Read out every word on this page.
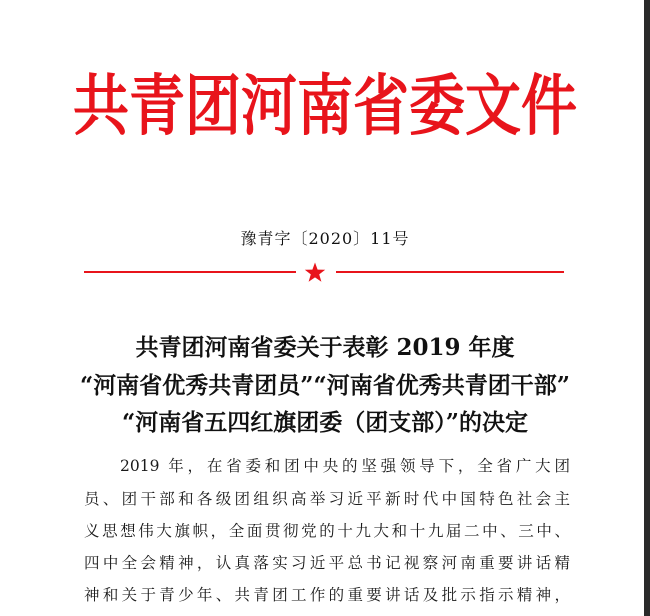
共青团河南省委文件
豫青字〔2020〕11号
共青团河南省委关于表彰 2019 年度
“河南省优秀共青团员”“河南省优秀共青团干部”
“河南省五四红旗团委（团支部）”的决定
2019 年，在省委和团中央的坚强领导下，全省广大团
员、团干部和各级团组织高举习近平新时代中国特色社会主
义思想伟大旗帜，全面贯彻党的十九大和十九届二中、三中、
四中全会精神，认真落实习近平总书记视察河南重要讲话精
神和关于青少年、共青团工作的重要讲话及批示指示精神，
